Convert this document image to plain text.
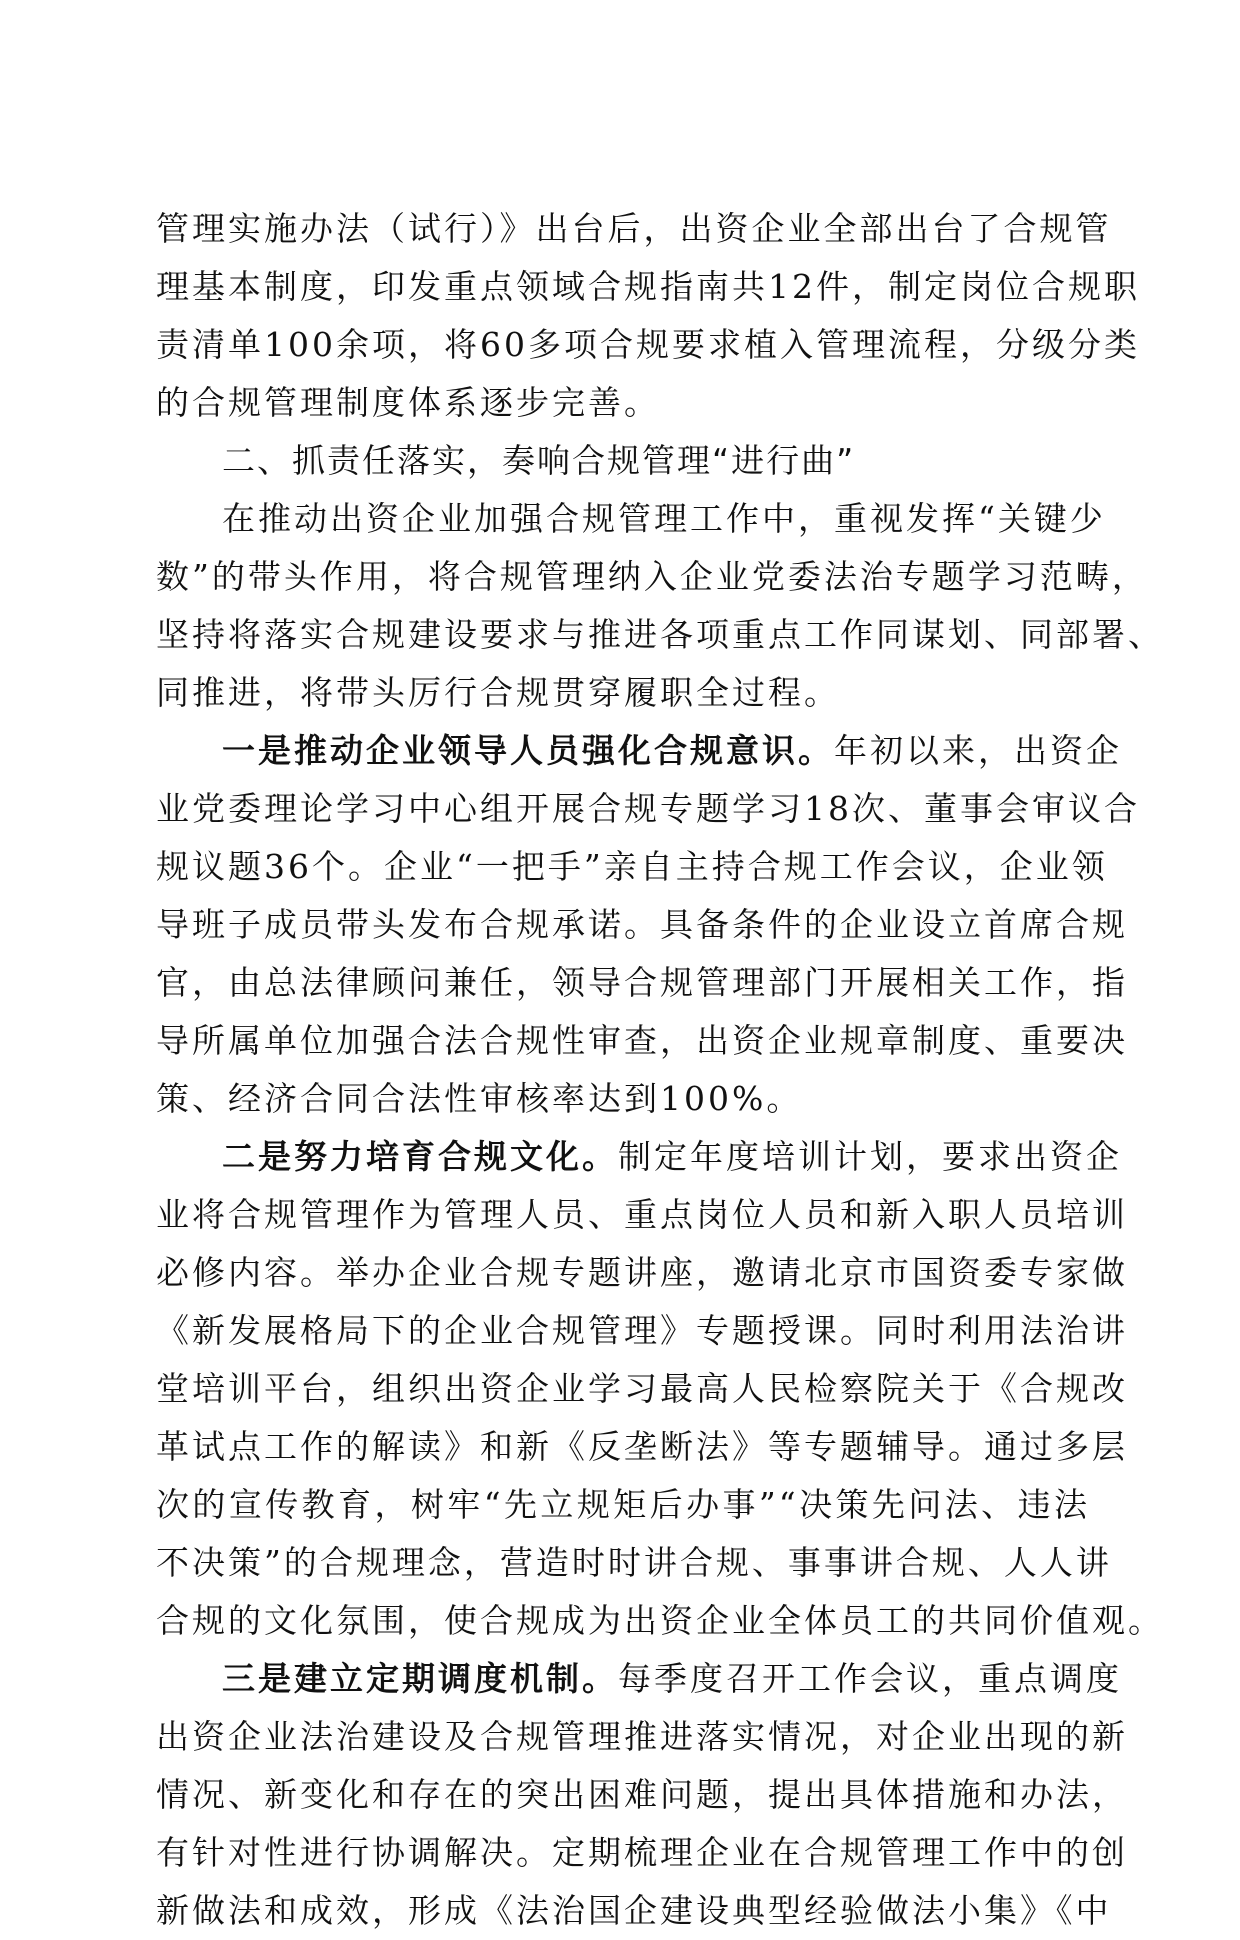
管理实施办法（试行）》出台后，出资企业全部出台了合规管
理基本制度，印发重点领域合规指南共12件，制定岗位合规职
责清单100余项，将60多项合规要求植入管理流程，分级分类
的合规管理制度体系逐步完善。
二、抓责任落实，奏响合规管理“进行曲”
在推动出资企业加强合规管理工作中，重视发挥“关键少
数”的带头作用，将合规管理纳入企业党委法治专题学习范畴，
坚持将落实合规建设要求与推进各项重点工作同谋划、同部署、
同推进，将带头厉行合规贯穿履职全过程。
一是推动企业领导人员强化合规意识。年初以来，出资企
业党委理论学习中心组开展合规专题学习18次、董事会审议合
规议题36个。企业“一把手”亲自主持合规工作会议，企业领
导班子成员带头发布合规承诺。具备条件的企业设立首席合规
官，由总法律顾问兼任，领导合规管理部门开展相关工作，指
导所属单位加强合法合规性审查，出资企业规章制度、重要决
策、经济合同合法性审核率达到100%。
二是努力培育合规文化。制定年度培训计划，要求出资企
业将合规管理作为管理人员、重点岗位人员和新入职人员培训
必修内容。举办企业合规专题讲座，邀请北京市国资委专家做
《新发展格局下的企业合规管理》专题授课。同时利用法治讲
堂培训平台，组织出资企业学习最高人民检察院关于《合规改
革试点工作的解读》和新《反垄断法》等专题辅导。通过多层
次的宣传教育，树牢“先立规矩后办事”“决策先问法、违法
不决策”的合规理念，营造时时讲合规、事事讲合规、人人讲
合规的文化氛围，使合规成为出资企业全体员工的共同价值观。
三是建立定期调度机制。每季度召开工作会议，重点调度
出资企业法治建设及合规管理推进落实情况，对企业出现的新
情况、新变化和存在的突出困难问题，提出具体措施和办法，
有针对性进行协调解决。定期梳理企业在合规管理工作中的创
新做法和成效，形成《法治国企建设典型经验做法小集》《中
